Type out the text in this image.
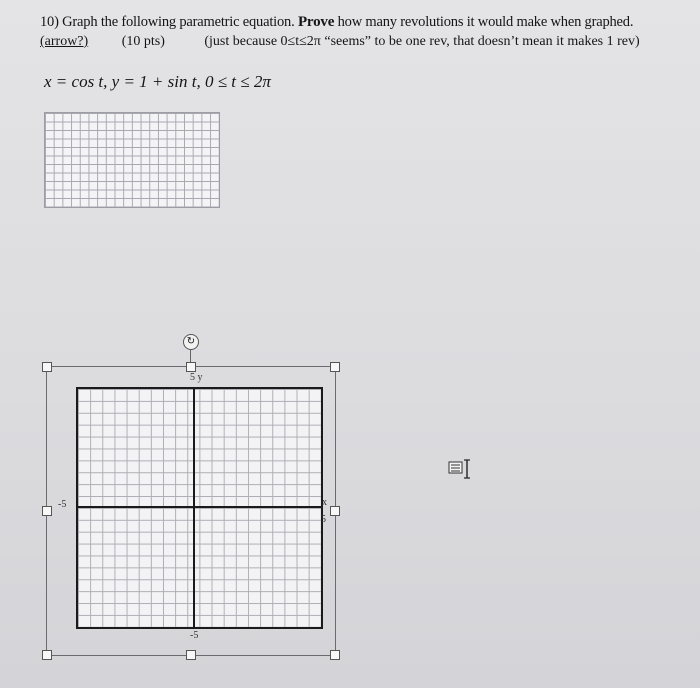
10) Graph the following parametric equation. Prove how many revolutions it would make when graphed.
(arrow?) (10 pts)	(just because 0≤t≤2π “seems” to be one rev, that doesn’t mean it makes 1 rev)
x = cos t, y = 1 + sin t, 0 ≤ t ≤ 2π
↻
5 y
-5	x
5
-5
